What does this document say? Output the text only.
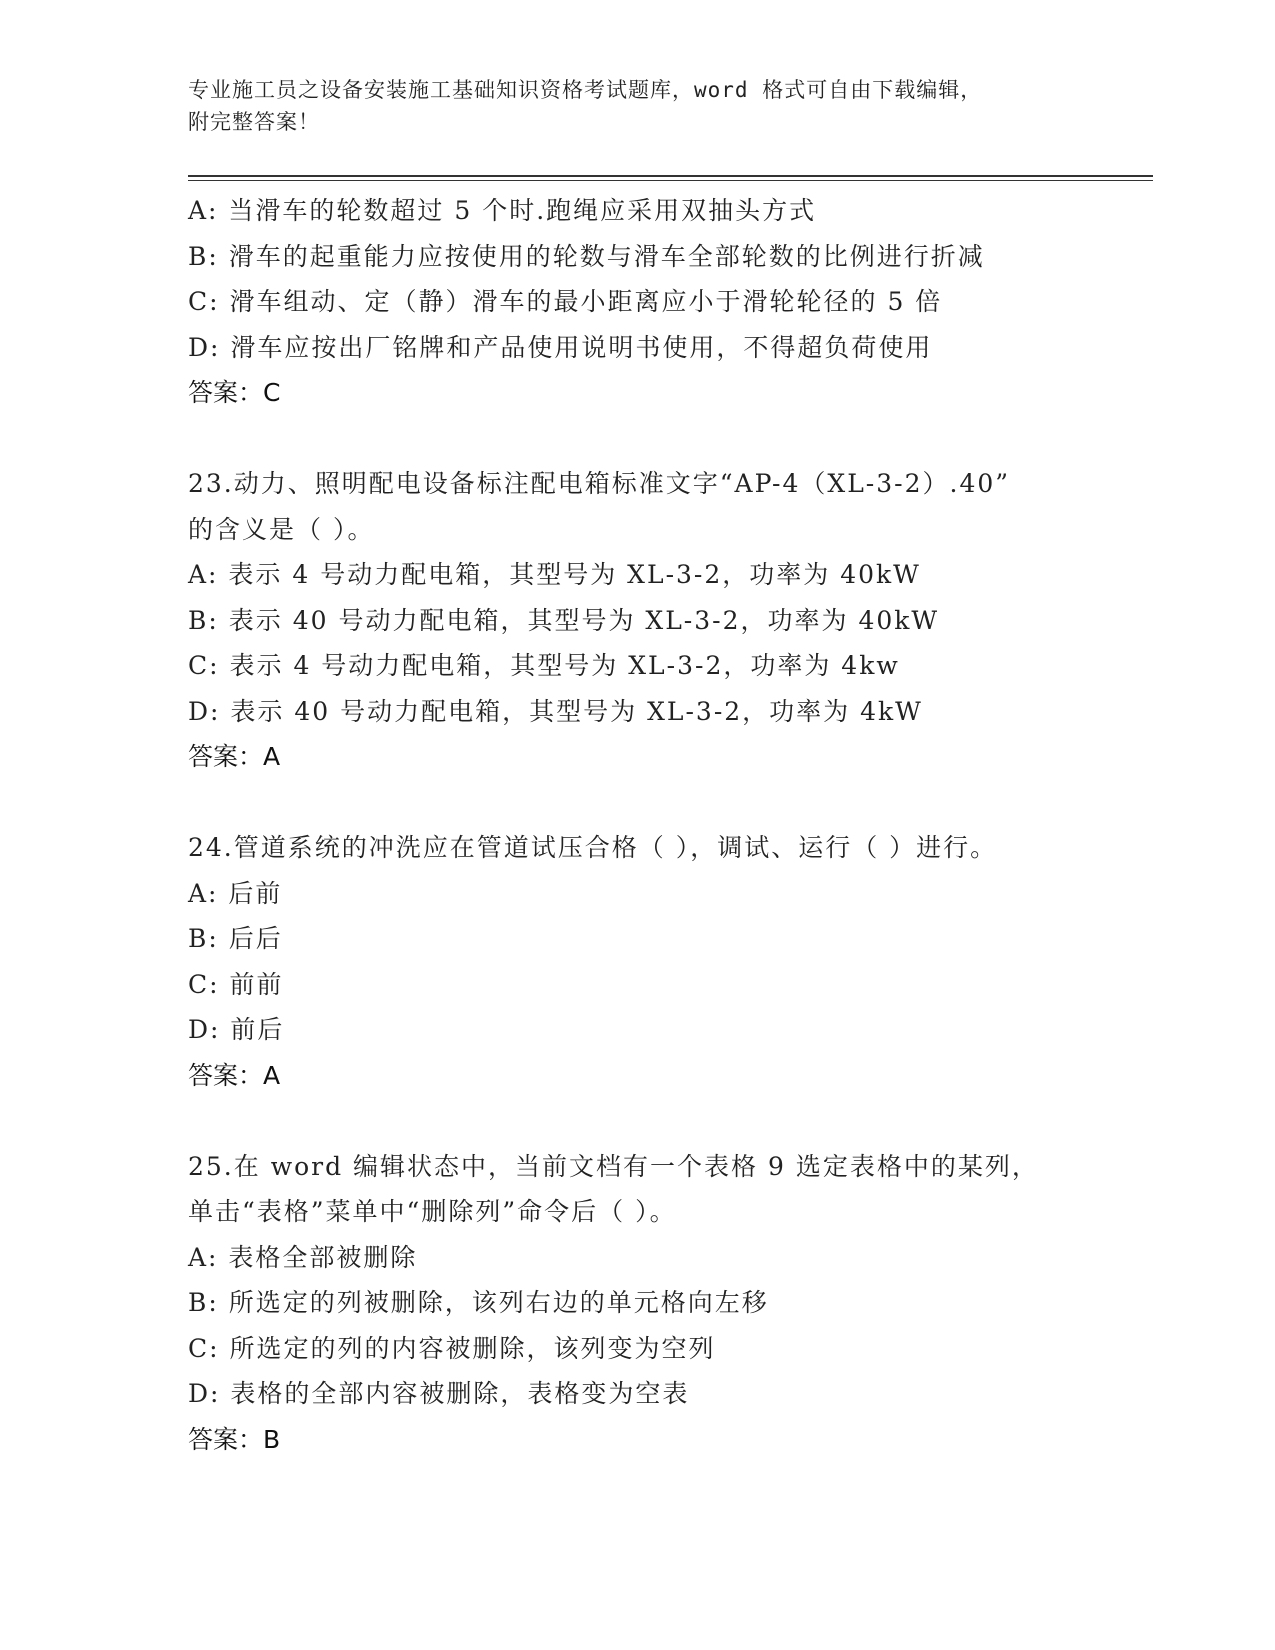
专业施工员之设备安装施工基础知识资格考试题库，word 格式可自由下载编辑，
附完整答案！
A: 当滑车的轮数超过 5 个时.跑绳应采用双抽头方式
B: 滑车的起重能力应按使用的轮数与滑车全部轮数的比例进行折减
C: 滑车组动、定（静）滑车的最小距离应小于滑轮轮径的 5 倍
D: 滑车应按出厂铭牌和产品使用说明书使用，不得超负荷使用
答案：C
23.动力、照明配电设备标注配电箱标准文字“AP-4（XL-3-2）.40”
的含义是（ ）。
A: 表示 4 号动力配电箱，其型号为 XL-3-2，功率为 40kW
B: 表示 40 号动力配电箱，其型号为 XL-3-2，功率为 40kW
C: 表示 4 号动力配电箱，其型号为 XL-3-2，功率为 4kw
D: 表示 40 号动力配电箱，其型号为 XL-3-2，功率为 4kW
答案：A
24.管道系统的冲洗应在管道试压合格（ ），调试、运行（ ）进行。
A: 后前
B: 后后
C: 前前
D: 前后
答案：A
25.在 word 编辑状态中，当前文档有一个表格 9 选定表格中的某列，
单击“表格”菜单中“删除列”命令后（ ）。
A: 表格全部被删除
B: 所选定的列被删除，该列右边的单元格向左移
C: 所选定的列的内容被删除，该列变为空列
D: 表格的全部内容被删除，表格变为空表
答案：B
